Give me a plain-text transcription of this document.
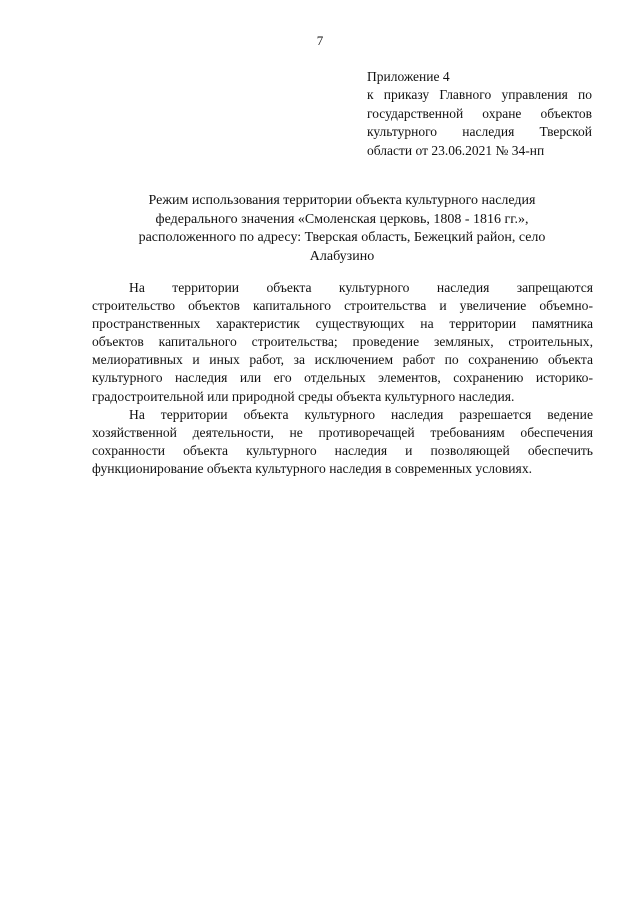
7
Приложение 4
к приказу Главного управления по
государственной охране объектов
культурного наследия Тверской
области от 23.06.2021 № 34-нп
Режим использования территории объекта культурного наследия
федерального значения «Смоленская церковь, 1808 - 1816 гг.»,
расположенного по адресу: Тверская область, Бежецкий район, село
Алабузино
На территории объекта культурного наследия запрещаются
строительство объектов капитального строительства и увеличение объемно-
пространственных характеристик существующих на территории памятника
объектов капитального строительства; проведение земляных, строительных,
мелиоративных и иных работ, за исключением работ по сохранению объекта
культурного наследия или его отдельных элементов, сохранению историко-
градостроительной или природной среды объекта культурного наследия.
На территории объекта культурного наследия разрешается ведение
хозяйственной деятельности, не противоречащей требованиям обеспечения
сохранности объекта культурного наследия и позволяющей обеспечить
функционирование объекта культурного наследия в современных условиях.
